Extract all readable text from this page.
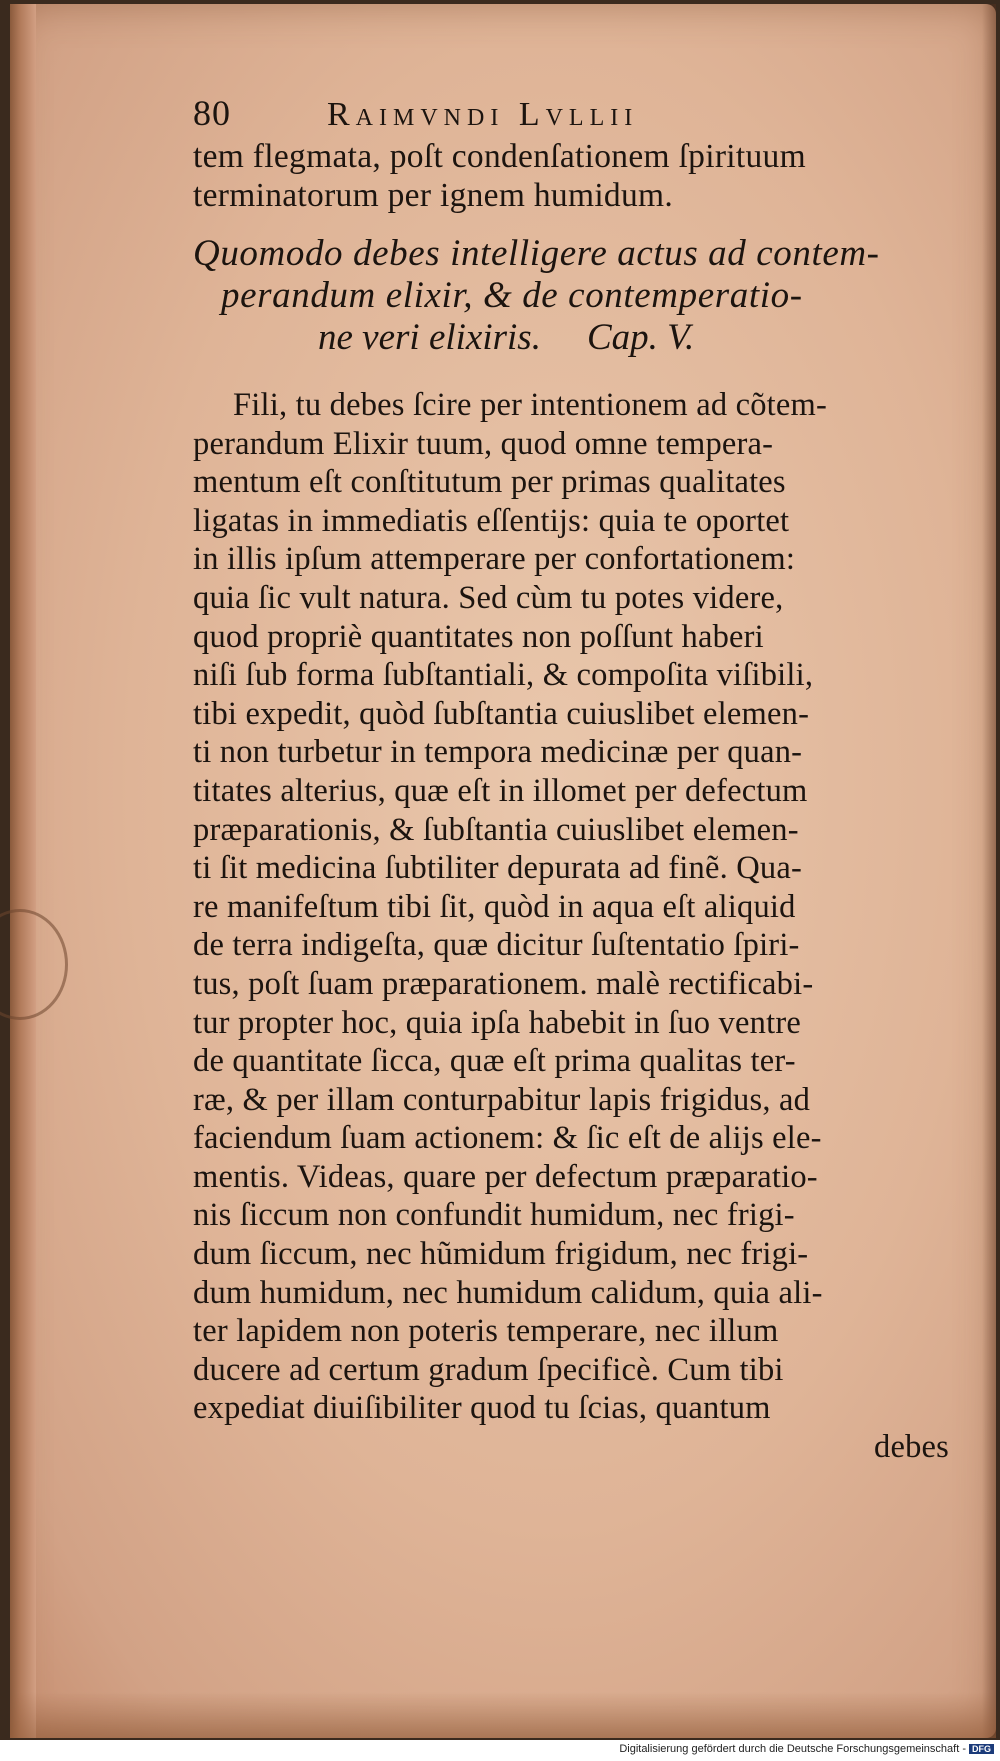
80	Raimvndi Lvllii
tem flegmata, poſt condenſationem ſpirituum
terminatorum per ignem humidum.
Quomodo debes intelligere actus ad contem-
perandum elixir, & de contemperatio-
ne veri elixiris. Cap. V.
Fili, tu debes ſcire per intentionem ad cõtem-
perandum Elixir tuum, quod omne tempera-
mentum eſt conſtitutum per primas qualitates
ligatas in immediatis eſſentijs: quia te oportet
in illis ipſum attemperare per confortationem:
quia ſic vult natura. Sed cùm tu potes videre,
quod propriè quantitates non poſſunt haberi
niſi ſub forma ſubſtantiali, & compoſita viſibili,
tibi expedit, quòd ſubſtantia cuiuslibet elemen-
ti non turbetur in tempora medicinæ per quan-
titates alterius, quæ eſt in illomet per defectum
præparationis, & ſubſtantia cuiuslibet elemen-
ti ſit medicina ſubtiliter depurata ad finẽ. Qua-
re manifeſtum tibi ſit, quòd in aqua eſt aliquid
de terra indigeſta, quæ dicitur ſuſtentatio ſpiri-
tus, poſt ſuam præparationem. malè rectificabi-
tur propter hoc, quia ipſa habebit in ſuo ventre
de quantitate ſicca, quæ eſt prima qualitas ter-
ræ, & per illam conturpabitur lapis frigidus, ad
faciendum ſuam actionem: & ſic eſt de alijs ele-
mentis. Videas, quare per defectum præparatio-
nis ſiccum non confundit humidum, nec frigi-
dum ſiccum, nec hũmidum frigidum, nec frigi-
dum humidum, nec humidum calidum, quia ali-
ter lapidem non poteris temperare, nec illum
ducere ad certum gradum ſpecificè. Cum tibi
expediat diuiſibiliter quod tu ſcias, quantum
debes
Digitalisierung gefördert durch die Deutsche Forschungsgemeinschaft - DFG
